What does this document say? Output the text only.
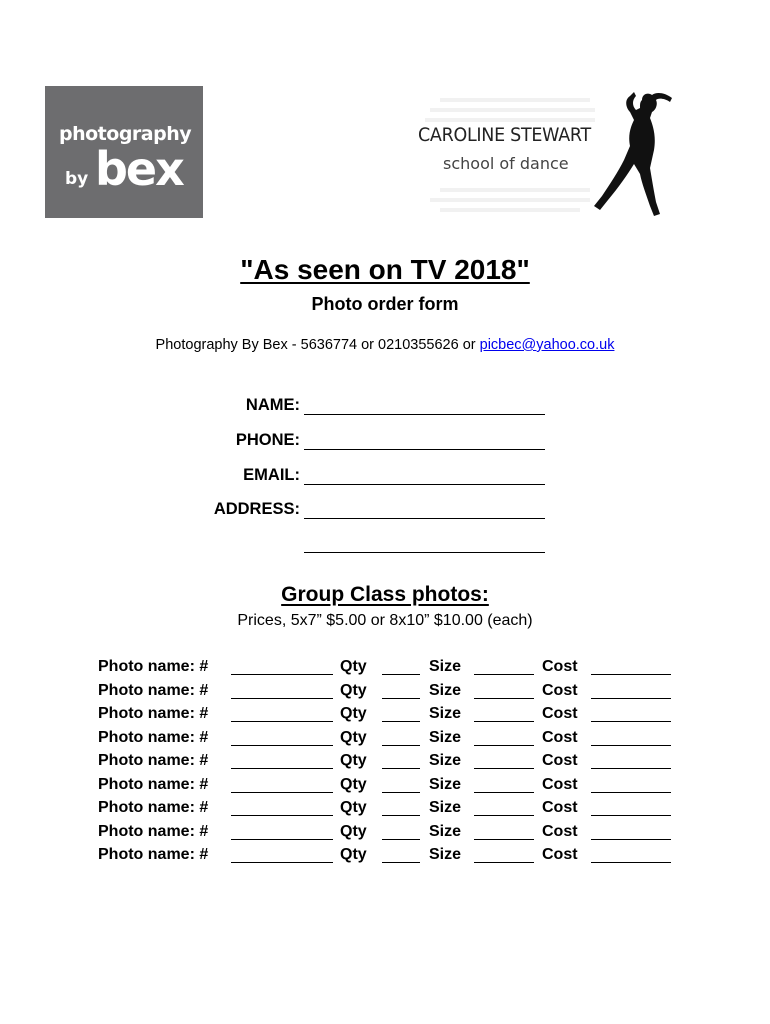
photography
by bex
CAROLINE STEWART
school of dance
"As seen on TV 2018"
Photo order form
Photography By Bex - 5636774 or 0210355626 or picbec@yahoo.co.uk
NAME:
PHONE:
EMAIL:
ADDRESS:
Group Class photos:
Prices, 5x7” $5.00 or 8x10” $10.00 (each)
Photo name: #	Qty	Size	Cost
Photo name: #	Qty	Size	Cost
Photo name: #	Qty	Size	Cost
Photo name: #	Qty	Size	Cost
Photo name: #	Qty	Size	Cost
Photo name: #	Qty	Size	Cost
Photo name: #	Qty	Size	Cost
Photo name: #	Qty	Size	Cost
Photo name: #	Qty	Size	Cost
